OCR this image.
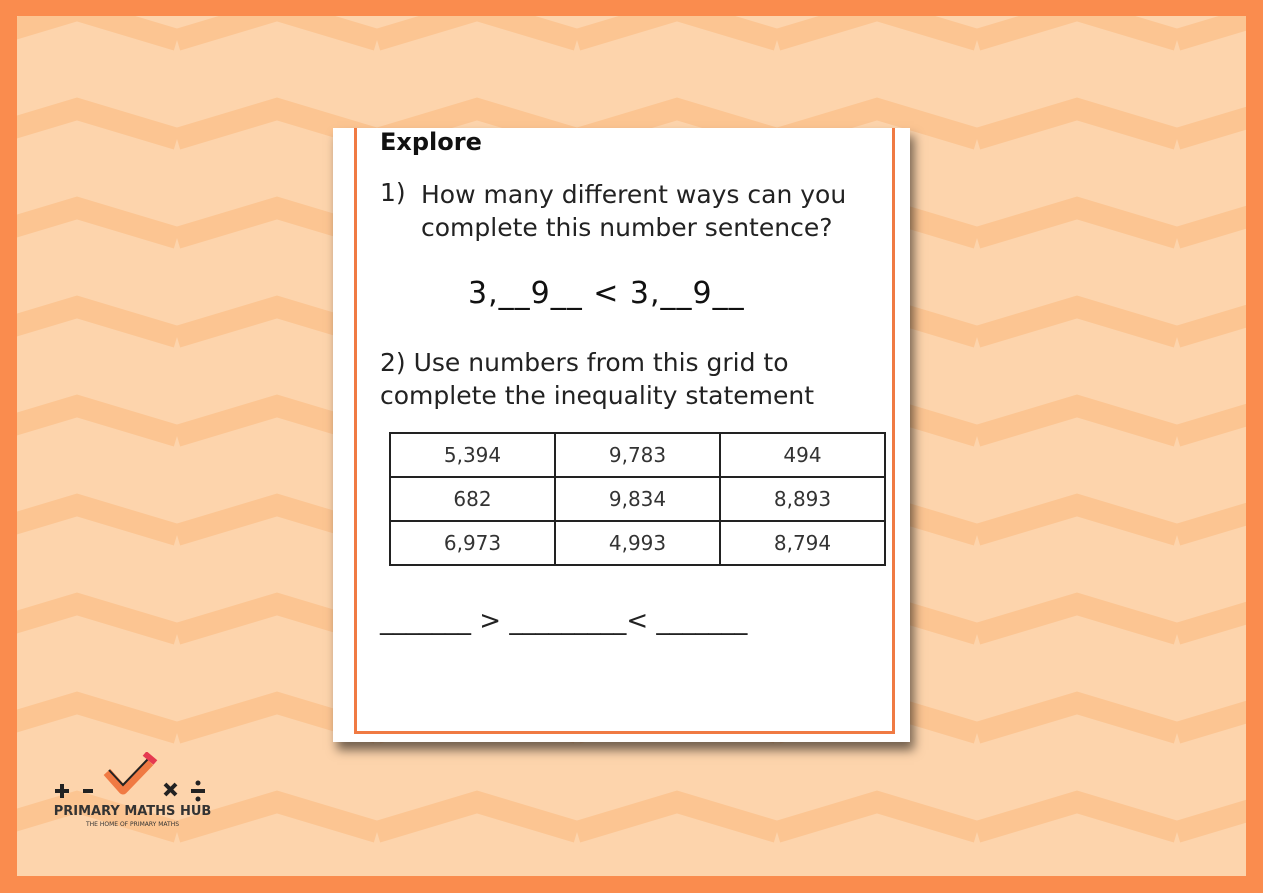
Explore
1) How many different ways can you complete this number sentence?
3,__9__ < 3,__9__
2) Use numbers from this grid to complete the inequality statement
5,394	9,783	494
682	9,834	8,893
6,973	4,993	8,794
_______ > _________< _______
PRIMARY MATHS HUB
THE HOME OF PRIMARY MATHS
